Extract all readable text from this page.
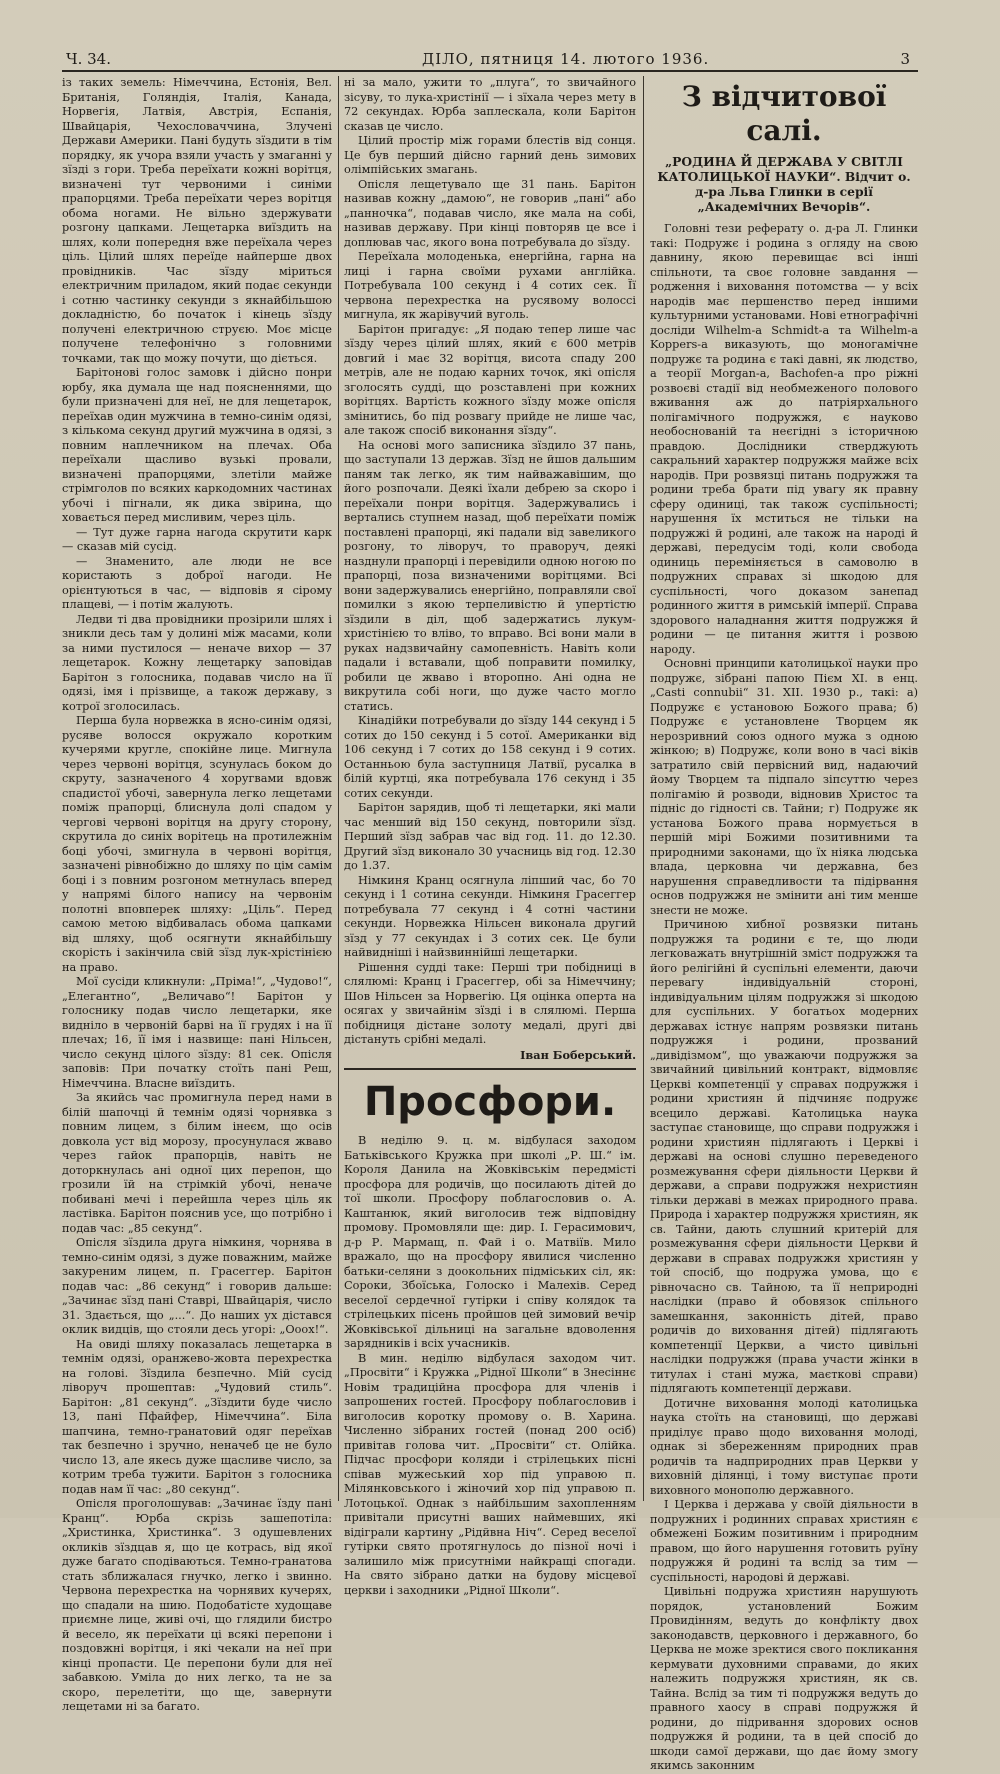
Ч. 34.	ДІЛО, пятниця 14. лютого 1936.	3

із таких земель: Німеччина, Естонія, Вел. Британія, Голяндія, Італія, Канада, Норвегія, Латвія, Австрія, Еспанія, Швайцарія, Чехословаччина, Злучені Держави Америки. Пані будуть зїздити в тім порядку, як учора взяли участь у змаганні у зїзді з гори. Треба переїхати кожні ворітця, визначені тут червоними і синіми прапорцями. Треба переїхати через ворітця обома ногами. Не вільно здержувати розгону цапками. Лещетарка виїздить на шлях, коли попередня вже переїхала через ціль. Цілий шлях переїде найперше двох провідників. Час зїзду міриться електричним приладом, який подає секунди і сотню частинку секунди з якнайбільшою докладністю, бо початок і кінець зїзду получені електричною струєю. Моє місце получене телефонічно з головними точками, так що можу почути, що діється.

Барітонові голос замовк і дійсно понри юрбу, яка думала ще над поясненнями, що були призначені для неї, не для лещетарок, переїхав один мужчина в темно-синім одязі, з кількома секунд другий мужчина в одязі, з повним наплечником на плечах. Оба переїхали щасливо вузькі провали, визначені прапорцями, злетіли майже стрімголов по всяких каркодомних частинах убочі і пігнали, як дика звірина, що ховається перед мисливим, через ціль.

— Тут дуже гарна нагода скрутити карк — сказав мій сусід.

— Знаменито, але люди не все користають з доброї нагоди. Не орієнтуються в час, — відповів я сірому плащеві, — і потім жалують.

Ледви ті два провідники прозірили шлях і зникли десь там у долині між масами, коли за ними пустилося — неначе вихор — 37 лещетарок. Кожну лещетарку заповідав Барітон з голосника, подавав число на її одязі, імя і прізвище, а також державу, з котрої зголосилась.

Перша була норвежка в ясно-синім одязі, русяве волосся окружало коротким кучерями кругле, спокійне лице. Мигнула через червоні ворітця, зсунулась боком до скруту, зазначеного 4 хоругвами вдовж спадистої убочі, завернула легко лещетами поміж прапорці, блиснула долі спадом у чергові червоні ворітця на другу сторону, скрутила до синіх ворітець на протилежнім боці убочі, змигнула в червоні ворітця, зазначені рівнобіжно до шляху по цім самім боці і з повним розгоном метнулась вперед у напрямі білого напису на червонім полотні вповперек шляху: „Ціль“. Перед самою метою відбивалась обома цапками від шляху, щоб осягнути якнайбільшу скорість і закінчила свій зїзд лук-хрістінією на право.

Мої сусіди кликнули: „Пріма!“, „Чудово!“, „Елегантно“, „Величаво“! Барітон у голоснику подав число лещетарки, яке видніло в червоній барві на її грудях і на її плечах; 16, її імя і назвище: пані Нільсен, число секунд цілого зїзду: 81 сек. Опісля заповів: При початку стоїть пані Реш, Німеччина. Власне виїздить.

За якийсь час промигнула перед нами в білій шапочці й темнім одязі чорнявка з повним лицем, з білим інеєм, що осів довкола уст від морозу, просунулася жваво через гайок прапорців, навіть не доторкнулась ані одної цих перепон, що грозили їй на стрімкій убочі, неначе побивані мечі і перейшла через ціль як ластівка. Барітон пояснив усе, що потрібно і подав час: „85 секунд“.

Опісля зїздила друга німкиня, чорнява в темно-синім одязі, з дуже поважним, майже закуреним лицем, п. Грасеггер. Барітон подав час: „86 секунд“ і говорив дальше: „Зачинає зїзд пані Ставрі, Швайцарія, число 31. Здається, що „...“. До наших ух дістався оклик видців, що стояли десь угорі: „Ооох!“.

На овиді шляху показалась лещетарка в темнім одязі, оранжево-жовта перехрестка на голові. Зїздила безпечно. Мій сусід ліворуч прошептав: „Чудовий стиль“. Барітон: „81 секунд“. „Зїздити буде число 13, пані Пфайфер, Німеччина“. Біла шапчина, темно-гранатовий одяг переїхав так безпечно і зручно, неначеб це не було число 13, але якесь дуже щасливе число, за котрим треба тужити. Барітон з голосника подав нам її час: „80 секунд“.

Опісля проголошував: „Зачинає їзду пані Кранц“. Юрба скрізь зашепотіла: „Христинка, Христинка“. З одушевлених окликів зїздцав я, що це котрась, від якої дуже багато сподіваються. Темно-гранатова стать зближалася гнучко, легко і звинно. Червона перехрестка на чорнявих кучерях, що спадали на шию. Подобатісте худощаве приємне лице, живі очі, що глядили бистро й весело, як переїхати ці всякі перепони і поздовжні ворітця, і які чекали на неї при кінці пропасти. Це перепони були для неї забавкою. Уміла до них легко, та не за скоро, перелетіти, що ще, завернути лещетами ні за багато.

ні за мало, ужити то „плуга“, то звичайного зісуву, то лука-христінії — і зїхала через мету в 72 секундах. Юрба заплескала, коли Барітон сказав це число.

Цілий простір між горами блестів від сонця. Це був перший дійсно гарний день зимових олімпійських змагань.

Опісля лещетувало ще 31 пань. Барітон називав кожну „дамою“, не говорив „пані“ або „панночка“, подавав число, яке мала на собі, називав державу. При кінці повторяв це все і доплював час, якого вона потребувала до зїзду.

Переїхала молоденька, енергійна, гарна на лиці і гарна своїми рухами англійка. Потребувала 100 секунд і 4 сотих сек. Її червона перехрестка на русявому волоссі мигнула, як жарівучий вуголь.

Барітон пригадує: „Я подаю тепер лише час зїзду через цілий шлях, який є 600 метрів довгий і має 32 ворітця, висота спаду 200 метрів, але не подаю карних точок, які опісля зголосять судді, що розставлені при кожних ворітцях. Вартість кожного зїзду може опісля змінитись, бо під розвагу прийде не лише час, але також спосіб виконання зїзду“.

На основі мого записника зїздило 37 пань, що заступали 13 держав. Зїзд не йшов дальшим паням так легко, як тим найважавішим, що його розпочали. Деякі їхали дебрею за скоро і переїхали понри ворітця. Задержувались і вертались ступнем назад, щоб переїхати поміж поставлені прапорці, які падали від завеликого розгону, то ліворуч, то праворуч, деякі назднули прапорці і перевідили одною ногою по прапорці, поза визначеними ворітцями. Всі вони задержувались енергійно, поправляли свої помилки з якою терпеливістю й упертістю зїздили в діл, щоб задержатись лукум-христінією то вліво, то вправо. Всі вони мали в руках надзвичайну самопевність. Навіть коли падали і вставали, щоб поправити помилку, робили це жваво і второпно. Ані одна не викрутила собі ноги, що дуже часто могло статись.

Кінадійки потребували до зїзду 144 секунд і 5 сотих до 150 секунд і 5 сотої. Американки від 106 секунд і 7 сотих до 158 секунд і 9 сотих. Останньою була заступниця Латвії, русалка в білій куртці, яка потребувала 176 секунд і 35 сотих секунди.

Барітон зарядив, щоб ті лещетарки, які мали час менший від 150 секунд, повторили зїзд. Перший зїзд забрав час від год. 11. до 12.30. Другий зїзд виконало 30 учасниць від год. 12.30 до 1.37.

Німкиня Кранц осягнула ліпший час, бо 70 секунд і 1 сотина секунди. Німкиня Грасеггер потребувала 77 секунд і 4 сотні частини секунди. Норвежка Нільсен виконала другий зїзд у 77 секундах і 3 сотих сек. Це були найвидніші і найзвиннійші лещетарки.

Рішення судді таке: Перші три побідниці в слялюмі: Кранц і Грасеггер, обі за Німеччину; Шов Нільсен за Норвегію. Ця оцінка оперта на осягах у звичайнім зїзді і в слялюмі. Перша побідниця дістане золоту медалі, другі дві дістануть срібні медалі.

Іван Боберський.

Просфори.

В неділю 9. ц. м. відбулася заходом Батьківського Кружка при школі „Р. Ш.“ ім. Короля Данила на Жовківськім передмісті просфора для родичів, що посилають дітей до тої школи. Просфору поблагословив о. А. Каштанюк, який виголосив теж відповідну промову. Промовляли ще: дир. І. Герасимович, д-р Р. Мармащ, п. Фай і о. Матвіїв. Мило вражало, що на просфору явилися численно батьки-селяни з доокольних підміських сіл, як: Сороки, Збоїська, Голоско і Малехів. Серед веселої сердечної гутірки і співу колядок та стрілецьких пісень пройшов цей зимовий вечір Жовківської дільниці на загальне вдоволення зарядників і всіх учасників.

В мин. неділю відбулася заходом чит. „Просвіти“ і Кружка „Рідної Школи“ в Знесіннє Новім традиційна просфора для членів і запрошених гостей. Просфору поблагословив і виголосив коротку промову о. В. Харина. Численно зібраних гостей (понад 200 осіб) привітав голова чит. „Просвіти“ ст. Олійка. Підчас просфори коляди і стрілецьких пісні співав мужеський хор під управою п. Мілянковського і жіночий хор під управою п. Лотоцької. Однак з найбільшим захопленням привітали присутні ваших наймевших, які відіграли картину „Рідйвна Ніч“. Серед веселої гутірки свято протягнулось до пізної ночі і залишило між присутніми найкращі спогади. На свято зібрано датки на будову місцевої церкви і заходники „Рідної Школи“.

З відчитової салі.
„РОДИНА Й ДЕРЖАВА У СВІТЛІ КАТОЛИЦЬКОЇ НАУКИ“. Відчит о. д-ра Льва Глинки в серії „Академічних Вечорів“.

Головні тези реферату о. д-ра Л. Глинки такі: Подружє і родина з огляду на свою давнину, якою перевищає всі інші спільноти, та своє головне завдання — родження і виховання потомства — у всіх народів має першенство перед іншими культурними установами. Нові етнографічні досліди Wilhelm-a Schmidt-a та Wilhelm-a Koppers-a виказують, що моногамічне подружє та родина є такі давні, як людство, а теорії Morgan-a, Bachofen-a про ріжні розвоєві стадії від необмеженого полового вживання аж до патріярхального полігамічного подружжя, є науково необоснованій та неєгідні з історичною правдою. Дослідники стверджують сакральний характер подружжя майже всіх народів. При розвязці питань подружжя та родини треба брати під увагу як правну сферу одиниці, так також суспільності; нарушення їх мститься не тільки на подружжі й родині, але також на народі й державі, передусім тоді, коли свобода одиниць переміняється в самоволю в подружних справах зі шкодою для суспільності, чого доказом занепад родинного життя в римській імперії. Справа здорового наладнання життя подружжя й родини — це питання життя і розвою народу.

Основні принципи католицької науки про подружє, зібрані папою Пієм XI. в енц. „Casti connubii“ 31. XII. 1930 р., такі: а) Подружє є установою Божого права; б) Подружє є установлене Творцем як нерозривний союз одного мужа з одною жінкою; в) Подружє, коли воно в часі віків затратило свій первісний вид, надаючий йому Творцем та підпало зіпсуттю через полігамію й розводи, відновив Христос та підніс до гідності св. Тайни; г) Подружє як установа Божого права нормується в першій мірі Божими позитивними та природними законами, що їх ніяка людська влада, церковна чи державна, без нарушення справедливости та підірвання основ подружжя не змінити ані тим менше знести не може.

Причиною хибної розвязки питань подружжя та родини є те, що люди легковажать внутрішній зміст подружжя та його релігійні й суспільні елементи, даючи перевагу індивідуальній стороні, індивідуальним цілям подружжя зі шкодою для суспільних. У богатьох модерних державах істнує напрям розвязки питань подружжя і родини, прозваний „дивідізмом“, що уважаючи подружжя за звичайний цивільний контракт, відмовляє Церкві компетенції у справах подружжя і родини християн й підчиняє подружє всецило державі. Католицька наука заступає становище, що справи подружжя і родини християн підлягають і Церкві і державі на основі слушно переведеного розмежування сфери діяльности Церкви й держави, а справи подружжя нехристиян тільки державі в межах природного права. Природа і характер подружжя християн, як св. Тайни, дають слушний критерій для розмежування сфери діяльности Церкви й держави в справах подружжя християн у той спосіб, що подружа умова, що є рівночасно св. Тайною, та її неприродні наслідки (право й обовязок спільного замешкання, законність дітей, право родичів до виховання дітей) підлягають компетенції Церкви, а чисто цивільні наслідки подружжя (права участи жінки в титулах і стані мужа, маєткові справи) підлягають компетенції держави.

Дотичне виховання молоді католицька наука стоїть на становищі, що державі приділує право щодо виховання молоді, однак зі збереженням природних прав родичів та надприродних прав Церкви у виховній ділянці, і тому виступає проти виховного монополю державного.

І Церква і держава у своїй діяльности в подружних і родинних справах християн є обмежені Божим позитивним і природним правом, що його нарушення готовить руїну подружжя й родині та вслід за тим — суспільності, народові й державі.

Цивільні подружа християн нарушують порядок, установлений Божим Провидінням, ведуть до конфлікту двох законодавств, церковного і державного, бо Церква не може зректися свого покликання кермувати духовними справами, до яких належить подружжя християн, як св. Тайна. Вслід за тим ті подружжя ведуть до правного хаосу в справі подружжя й родини, до підривання здорових основ подружжя й родини, та в цей спосіб до шкоди самої держави, що дає йому змогу якимсь законним
